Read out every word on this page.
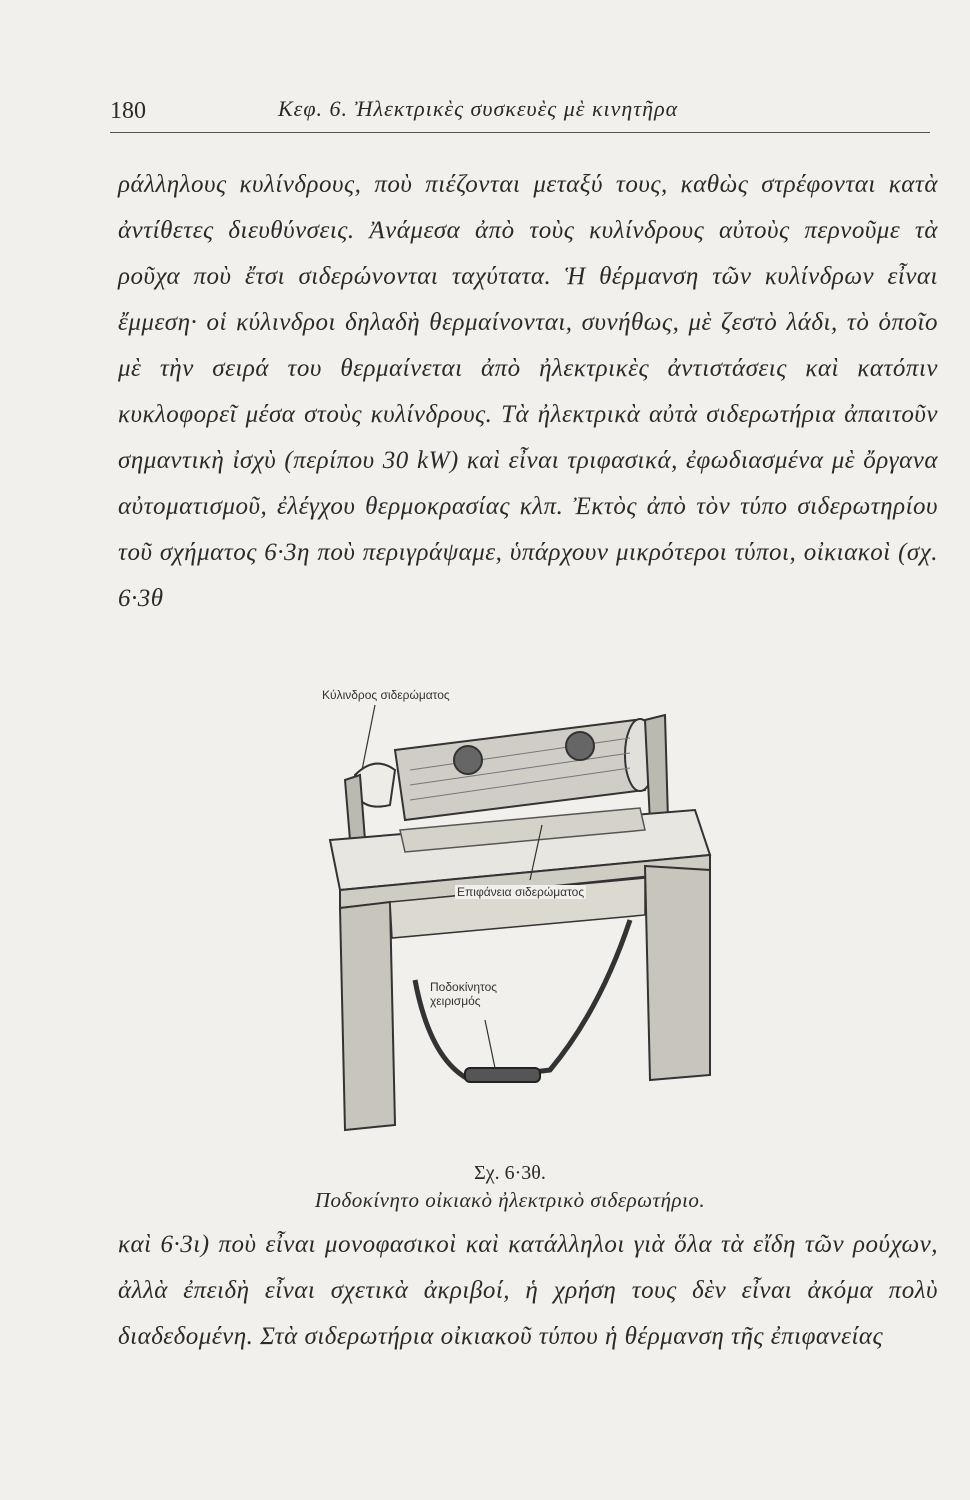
180	Κεφ. 6. Ἠλεκτρικὲς συσκευὲς μὲ κινητῆρα
ράλληλους κυλίνδρους, ποὺ πιέζονται μεταξύ τους, καθὼς στρέφονται κατὰ ἀντίθετες διευθύνσεις. Ἀνάμεσα ἀπὸ τοὺς κυλίνδρους αὐτοὺς περνοῦμε τὰ ροῦχα ποὺ ἔτσι σιδερώνονται ταχύτατα. Ἡ θέρμανση τῶν κυλίνδρων εἶναι ἔμμεση· οἱ κύλινδροι δηλαδὴ θερμαίνονται, συνήθως, μὲ ζεστὸ λάδι, τὸ ὁποῖο μὲ τὴν σειρά του θερμαίνεται ἀπὸ ἠλεκτρικὲς ἀντιστάσεις καὶ κατόπιν κυκλοφορεῖ μέσα στοὺς κυλίνδρους. Τὰ ἠλεκτρικὰ αὐτὰ σιδερωτήρια ἀπαιτοῦν σημαντικὴ ἰσχὺ (περίπου 30 kW) καὶ εἶναι τριφασικά, ἐφωδιασμένα μὲ ὄργανα αὐτοματισμοῦ, ἐλέγχου θερμοκρασίας κλπ. Ἐκτὸς ἀπὸ τὸν τύπο σιδερωτηρίου τοῦ σχήματος 6·3η ποὺ περιγράψαμε, ὑπάρχουν μικρότεροι τύποι, οἰκιακοὶ (σχ. 6·3θ
Κύλινδρος σιδερώματος
Επιφάνεια σιδερώματος
Ποδοκίνητος χειρισμός
Σχ. 6·3θ.
Ποδοκίνητο οἰκιακὸ ἠλεκτρικὸ σιδερωτήριο.
καὶ 6·3ι) ποὺ εἶναι μονοφασικοὶ καὶ κατάλληλοι γιὰ ὅλα τὰ εἴδη τῶν ρούχων, ἀλλὰ ἐπειδὴ εἶναι σχετικὰ ἀκριβοί, ἡ χρήση τους δὲν εἶναι ἀκόμα πολὺ διαδεδομένη. Στὰ σιδερωτήρια οἰκιακοῦ τύπου ἡ θέρμανση τῆς ἐπιφανείας
